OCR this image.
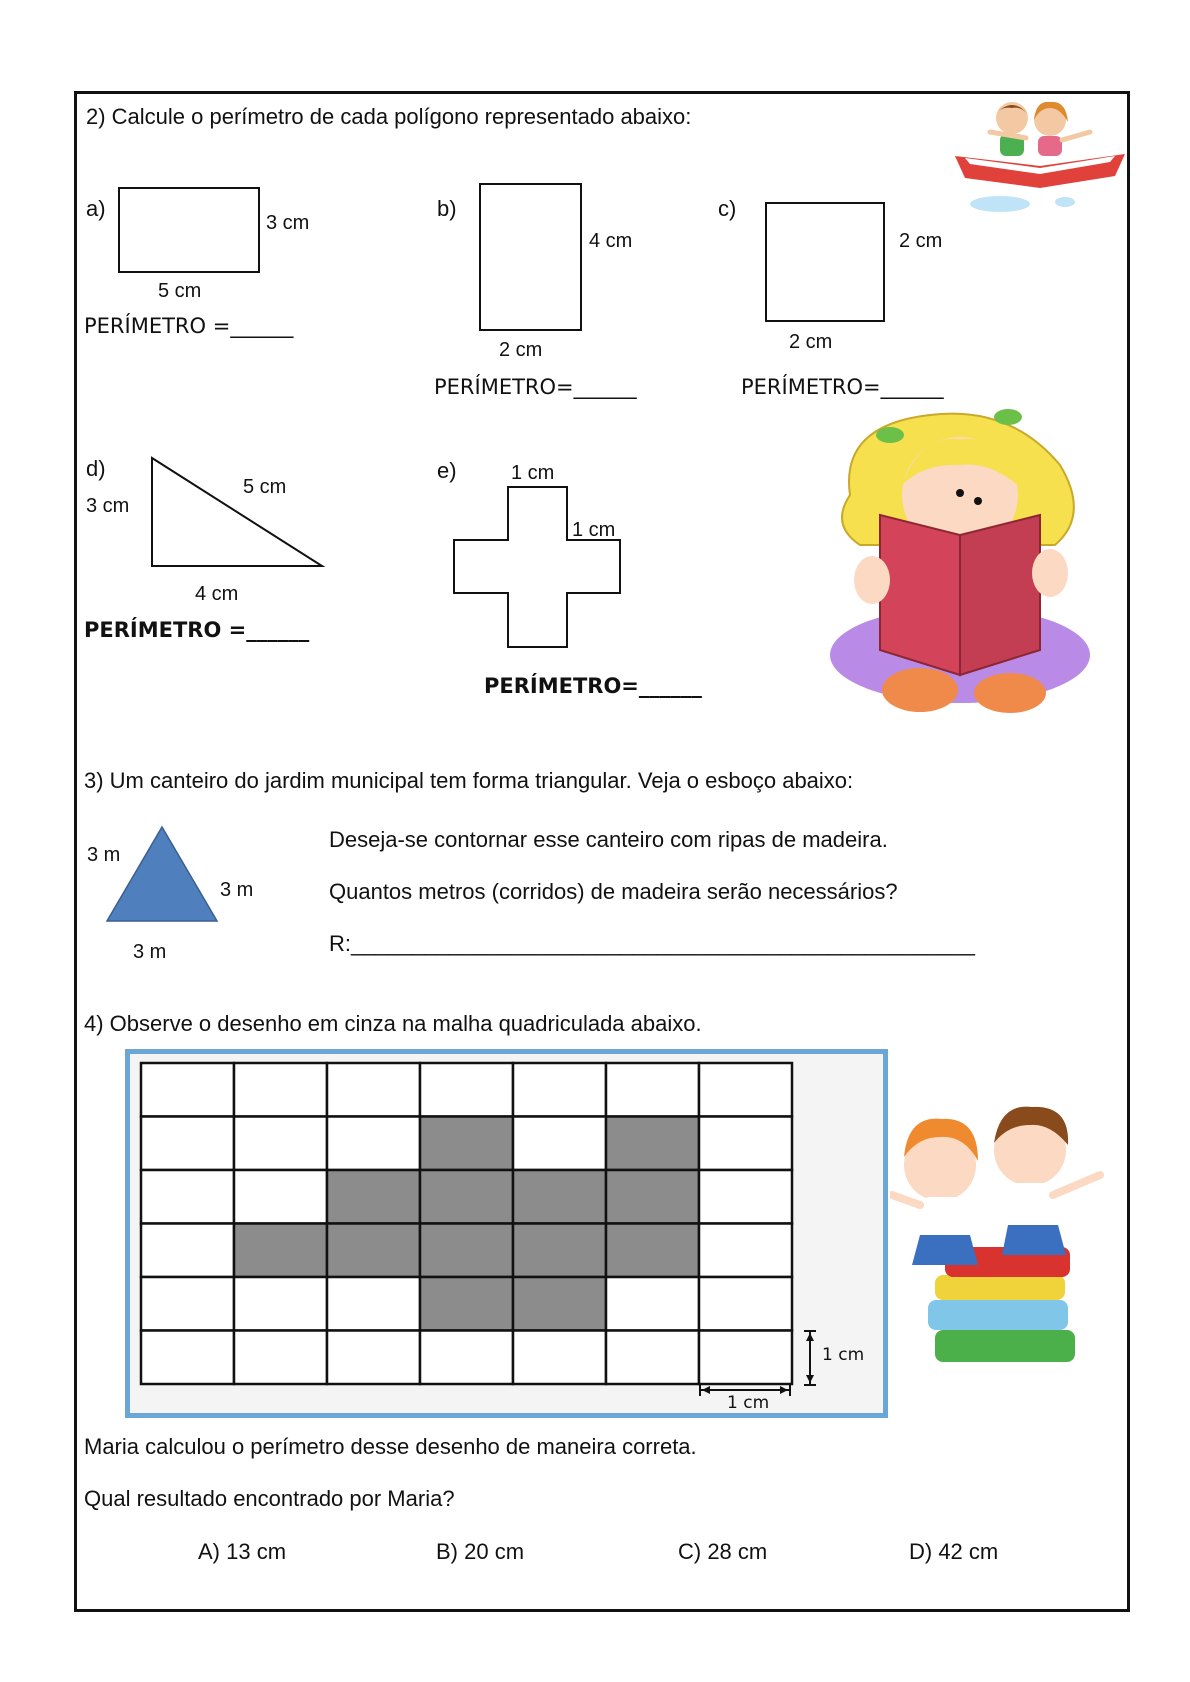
2) Calcule o perímetro de cada polígono representado abaixo:
a)
3 cm
5 cm
PERÍMETRO =______
b)
4 cm
2 cm
PERÍMETRO=______
c)
2 cm
2 cm
PERÍMETRO=______
d)
3 cm
5 cm
4 cm
PERÍMETRO =______
e)	1 cm
1 cm
PERÍMETRO=______
3) Um canteiro do jardim municipal tem forma triangular. Veja o esboço abaixo:
3 m
3 m
3 m
Deseja-se contornar esse canteiro com ripas de madeira.
Quantos metros (corridos) de madeira serão necessários?
R:___________________________________________________
4) Observe o desenho em cinza na malha quadriculada abaixo.
1 cm
1 cm
Maria calculou o perímetro desse desenho de maneira correta.
Qual resultado encontrado por Maria?
A) 13 cm	B) 20 cm	C) 28 cm	D) 42 cm
